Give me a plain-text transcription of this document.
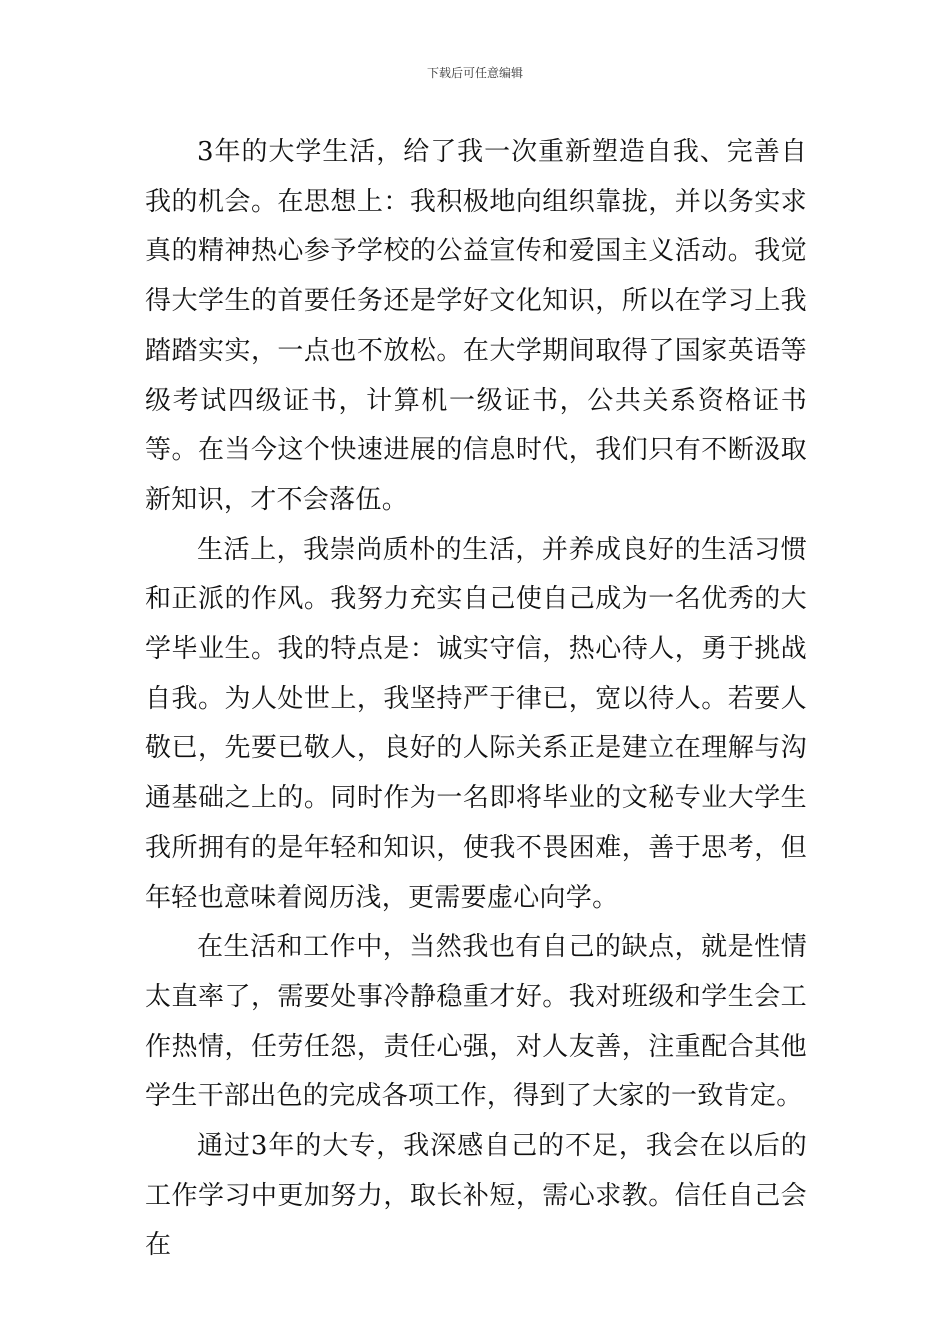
下载后可任意编辑

3年的大学生活，给了我一次重新塑造自我、完善自我的机会。在思想上：我积极地向组织靠拢，并以务实求真的精神热心参予学校的公益宣传和爱国主义活动。我觉得大学生的首要任务还是学好文化知识，所以在学习上我踏踏实实，一点也不放松。在大学期间取得了国家英语等级考试四级证书，计算机一级证书，公共关系资格证书等。在当今这个快速进展的信息时代，我们只有不断汲取新知识，才不会落伍。

生活上，我崇尚质朴的生活，并养成良好的生活习惯和正派的作风。我努力充实自己使自己成为一名优秀的大学毕业生。我的特点是：诚实守信，热心待人，勇于挑战自我。为人处世上，我坚持严于律已，宽以待人。若要人敬已，先要已敬人，良好的人际关系正是建立在理解与沟通基础之上的。同时作为一名即将毕业的文秘专业大学生我所拥有的是年轻和知识，使我不畏困难，善于思考，但年轻也意味着阅历浅，更需要虚心向学。

在生活和工作中，当然我也有自己的缺点，就是性情太直率了，需要处事冷静稳重才好。我对班级和学生会工作热情，任劳任怨，责任心强，对人友善，注重配合其他学生干部出色的完成各项工作，得到了大家的一致肯定。

通过3年的大专，我深感自己的不足，我会在以后的工作学习中更加努力，取长补短，需心求教。信任自己会在
